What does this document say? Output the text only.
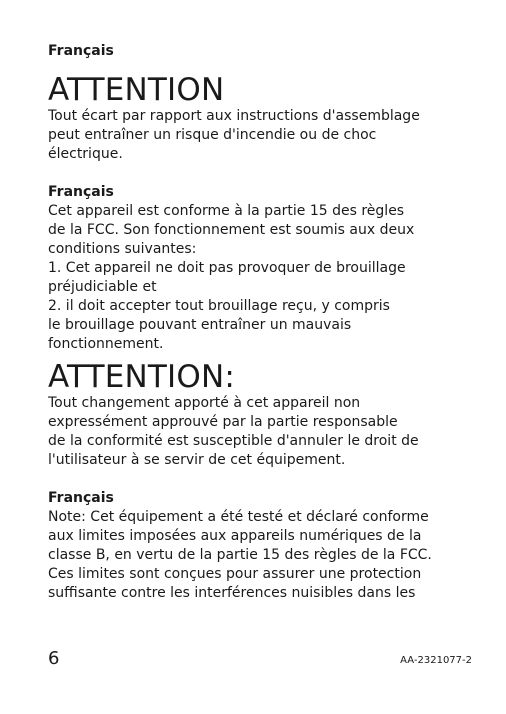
Français

ATTENTION

Tout écart par rapport aux instructions d'assemblage
peut entraîner un risque d'incendie ou de choc
électrique.

Français

Cet appareil est conforme à la partie 15 des règles
de la FCC. Son fonctionnement est soumis aux deux
conditions suivantes:
1. Cet appareil ne doit pas provoquer de brouillage
préjudiciable et
2. il doit accepter tout brouillage reçu, y compris
le brouillage pouvant entraîner un mauvais
fonctionnement.

ATTENTION:

Tout changement apporté à cet appareil non
expressément approuvé par la partie responsable
de la conformité est susceptible d'annuler le droit de
l'utilisateur à se servir de cet équipement.

Français

Note: Cet équipement a été testé et déclaré conforme
aux limites imposées aux appareils numériques de la
classe B, en vertu de la partie 15 des règles de la FCC.
Ces limites sont conçues pour assurer une protection
suffisante contre les interférences nuisibles dans les

6	AA-2321077-2
